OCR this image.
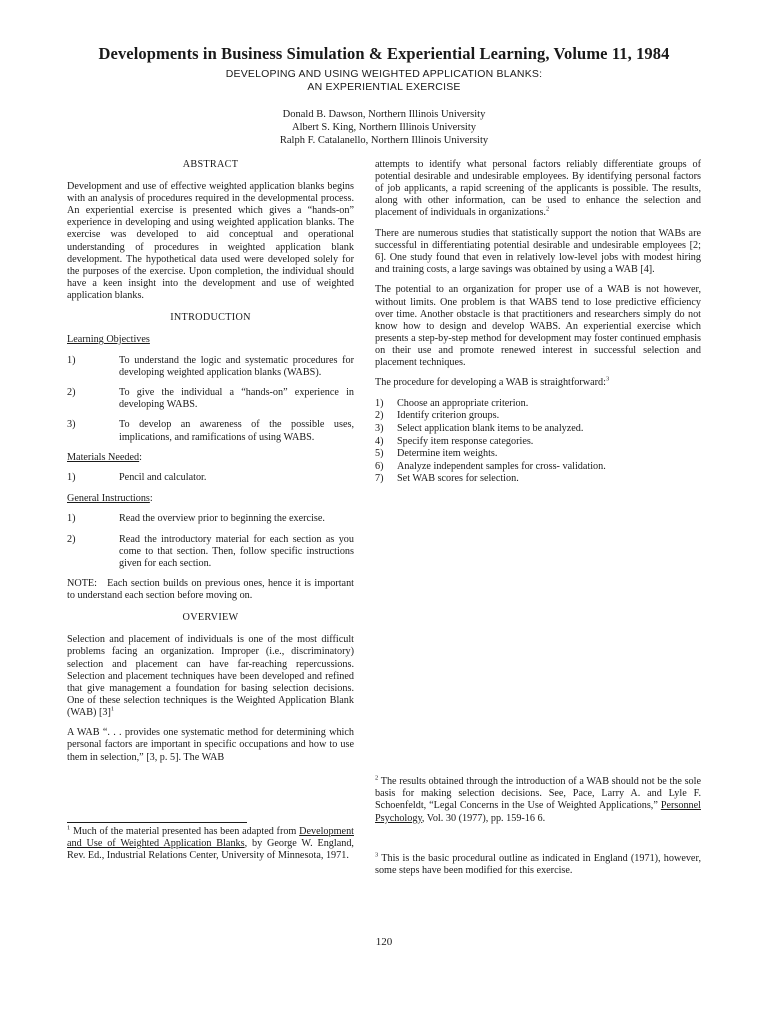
Developments in Business Simulation & Experiential Learning, Volume 11, 1984
DEVELOPING AND USING WEIGHTED APPLICATION BLANKS:
AN EXPERIENTIAL EXERCISE
Donald B. Dawson, Northern Illinois University
Albert S. King, Northern Illinois University
Ralph F. Catalanello, Northern Illinois University

ABSTRACT

Development and use of effective weighted application blanks begins with an analysis of procedures required in the developmental process. An experiential exercise is presented which gives a “hands-on” experience in developing and using weighted application blanks. The exercise was developed to aid conceptual and operational understanding of procedures in weighted application blank development. The hypothetical data used were developed solely for the purposes of the exercise. Upon completion, the individual should have a keen insight into the development and use of weighted application blanks.

INTRODUCTION

Learning Objectives
1)	To understand the logic and systematic procedures for developing weighted application blanks (WABS).
2)	To give the individual a “hands-on” experience in developing WABS.
3)	To develop an awareness of the possible uses, implications, and ramifications of using WABS.
Materials Needed:
1)	Pencil and calculator.
General Instructions:
1)	Read the overview prior to beginning the exercise.
2)	Read the introductory material for each section as you come to that section. Then, follow specific instructions given for each section.

NOTE:   Each section builds on previous ones, hence it is important to understand each section before moving on.

OVERVIEW

Selection and placement of individuals is one of the most difficult problems facing an organization. Improper (i.e., discriminatory) selection and placement can have far-reaching repercussions. Selection and placement techniques have been developed and refined that give management a foundation for basing selection decisions. One of these selection techniques is the Weighted Application Blank (WAB) $[3]^1$

A WAB “. . . provides one systematic method for determining which personal factors are important in specific occupations and how to use them in selection,” [3, p. 5]. The WAB

$^1$ Much of the material presented has been adapted from Development and Use of Weighted Application Blanks, by George W. England, Rev. Ed., Industrial Relations Center, University of Minnesota, 1971.

attempts to identify what personal factors reliably differentiate groups of potential desirable and undesirable employees. By identifying personal factors of job applicants, a rapid screening of the applicants is possible. The results, along with other information, can be used to enhance the selection and placement of individuals in organizations.$^2$

There are numerous studies that statistically support the notion that WABs are successful in differentiating potential desirable and undesirable employees [2; 6]. One study found that even in relatively low-level jobs with modest hiring and training costs, a large savings was obtained by using a WAB [4].

The potential to an organization for proper use of a WAB is not however, without limits. One problem is that WABS tend to lose predictive efficiency over time. Another obstacle is that practitioners and researchers simply do not know how to design and develop WABS. An experiential exercise which presents a step-by-step method for development may foster continued emphasis on their use and promote renewed interest in successful selection and placement techniques.

The procedure for developing a WAB is straightforward:$^3$

1)	Choose an appropriate criterion.
2)	Identify criterion groups.
3)	Select application blank items to be analyzed.
4)	Specify item response categories.
5)	Determine item weights.
6)	Analyze independent samples for cross- validation.
7)	Set WAB scores for selection.
$^2$ The results obtained through the introduction of a WAB should not be the sole basis for making selection decisions. See, Pace, Larry A. and Lyle F. Schoenfeldt, “Legal Concerns in the Use of Weighted Applications,” Personnel Psychology, Vol. 30 (1977), pp. 159-16 6.
$^3$ This is the basic procedural outline as indicated in England (1971), however, some steps have been modified for this exercise.
120
